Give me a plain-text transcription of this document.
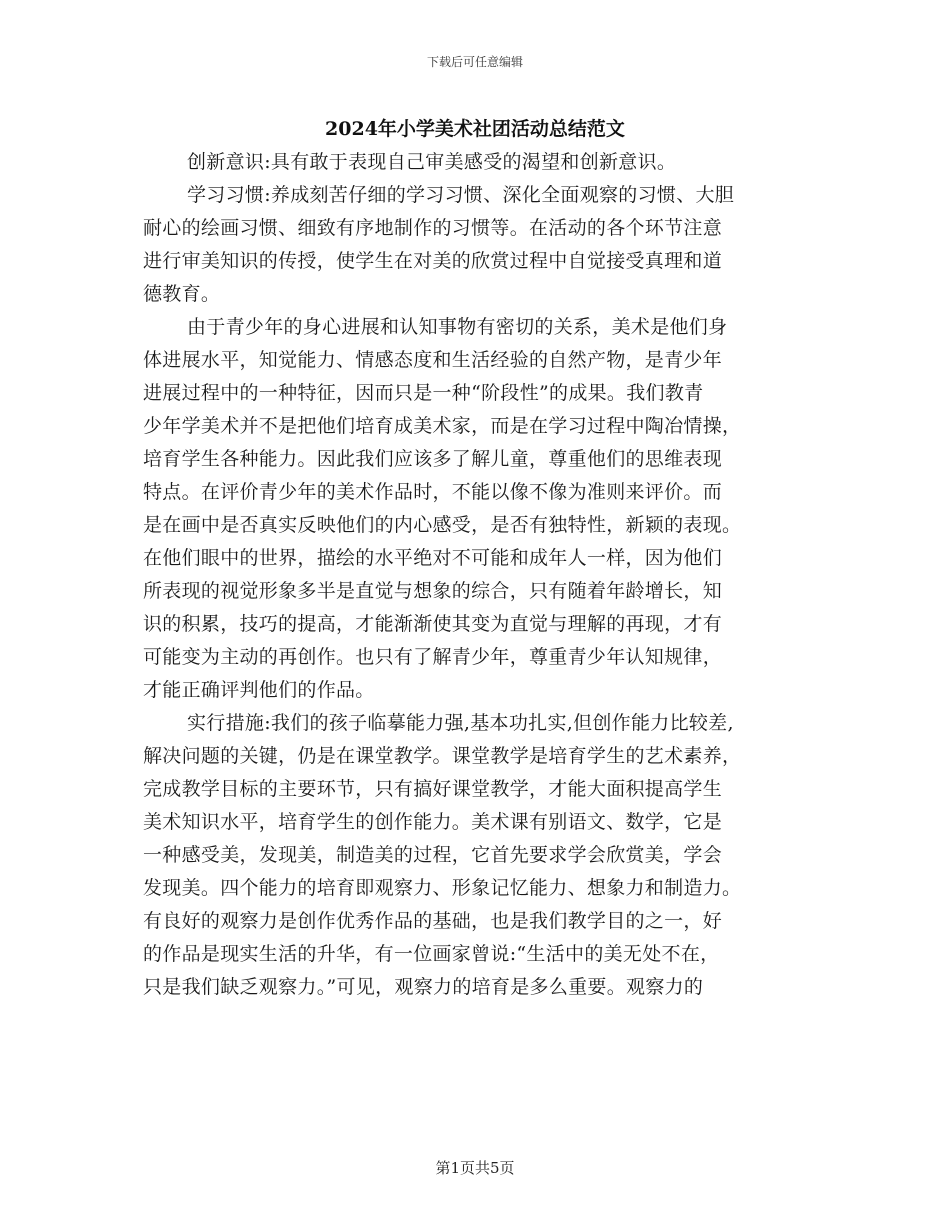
下载后可任意编辑
2024年小学美术社团活动总结范文
创新意识:具有敢于表现自己审美感受的渴望和创新意识。
学习习惯:养成刻苦仔细的学习习惯、深化全面观察的习惯、大胆
耐心的绘画习惯、细致有序地制作的习惯等。在活动的各个环节注意
进行审美知识的传授，使学生在对美的欣赏过程中自觉接受真理和道
德教育。
由于青少年的身心进展和认知事物有密切的关系，美术是他们身
体进展水平，知觉能力、情感态度和生活经验的自然产物，是青少年
进展过程中的一种特征，因而只是一种“阶段性”的成果。我们教青
少年学美术并不是把他们培育成美术家，而是在学习过程中陶冶情操，
培育学生各种能力。因此我们应该多了解儿童，尊重他们的思维表现
特点。在评价青少年的美术作品时，不能以像不像为准则来评价。而
是在画中是否真实反映他们的内心感受，是否有独特性，新颖的表现。
在他们眼中的世界，描绘的水平绝对不可能和成年人一样，因为他们
所表现的视觉形象多半是直觉与想象的综合，只有随着年龄增长，知
识的积累，技巧的提高，才能渐渐使其变为直觉与理解的再现，才有
可能变为主动的再创作。也只有了解青少年，尊重青少年认知规律，
才能正确评判他们的作品。
实行措施:我们的孩子临摹能力强,基本功扎实,但创作能力比较差,
解决问题的关键，仍是在课堂教学。课堂教学是培育学生的艺术素养，
完成教学目标的主要环节，只有搞好课堂教学，才能大面积提高学生
美术知识水平，培育学生的创作能力。美术课有别语文、数学，它是
一种感受美，发现美，制造美的过程，它首先要求学会欣赏美，学会
发现美。四个能力的培育即观察力、形象记忆能力、想象力和制造力。
有良好的观察力是创作优秀作品的基础，也是我们教学目的之一，好
的作品是现实生活的升华，有一位画家曾说:“生活中的美无处不在，
只是我们缺乏观察力。”可见，观察力的培育是多么重要。观察力的
第1页共5页
